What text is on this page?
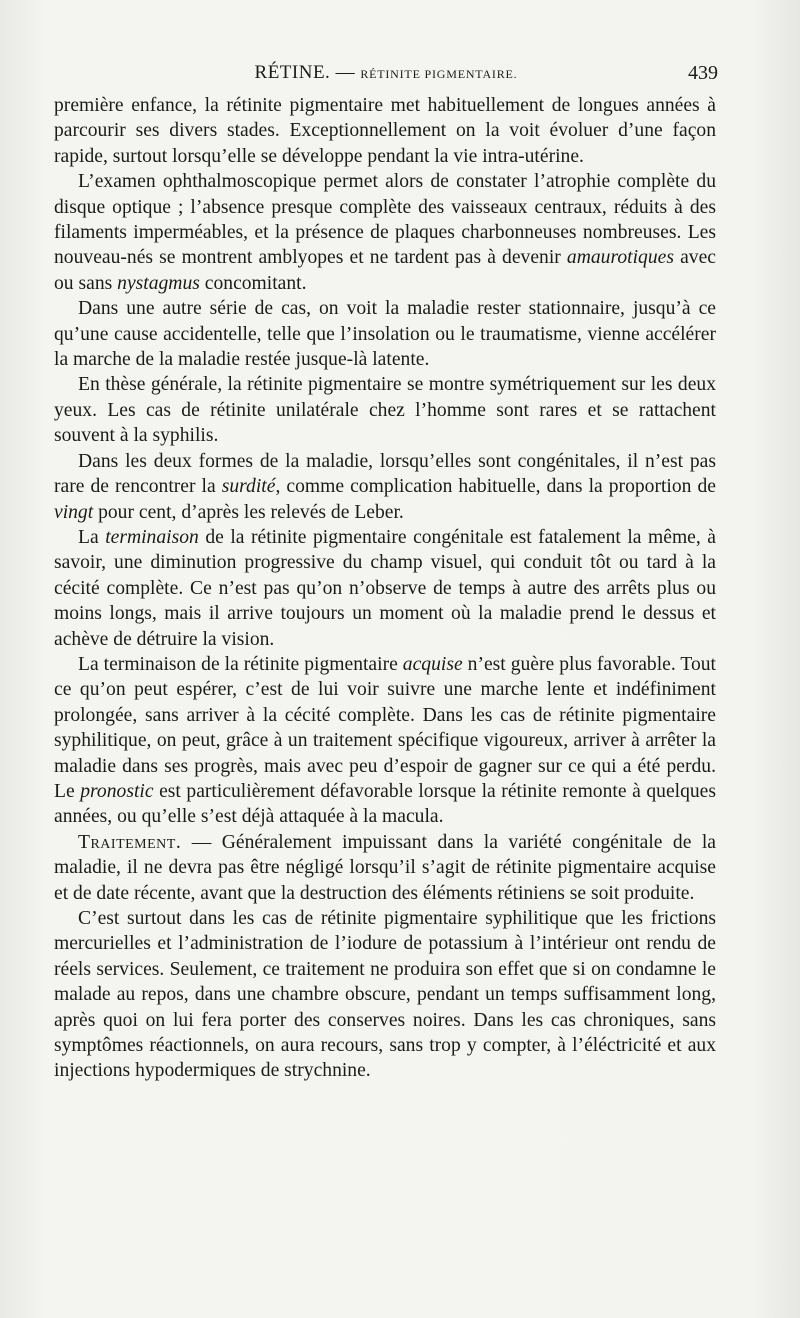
RÉTINE. — RÉTINITE PIGMENTAIRE.	439

première enfance, la rétinite pigmentaire met habituellement de longues années à parcourir ses divers stades. Exceptionnellement on la voit évoluer d’une façon rapide, surtout lorsqu’elle se développe pendant la vie intra-utérine.

L’examen ophthalmoscopique permet alors de constater l’atrophie complète du disque optique ; l’absence presque complète des vaisseaux centraux, réduits à des filaments imperméables, et la présence de plaques charbonneuses nombreuses. Les nouveau-nés se montrent amblyopes et ne tardent pas à devenir amaurotiques avec ou sans nystagmus concomitant.

Dans une autre série de cas, on voit la maladie rester stationnaire, jusqu’à ce qu’une cause accidentelle, telle que l’insolation ou le traumatisme, vienne accélérer la marche de la maladie restée jusque-là latente.

En thèse générale, la rétinite pigmentaire se montre symétriquement sur les deux yeux. Les cas de rétinite unilatérale chez l’homme sont rares et se rattachent souvent à la syphilis.

Dans les deux formes de la maladie, lorsqu’elles sont congénitales, il n’est pas rare de rencontrer la surdité, comme complication habituelle, dans la proportion de vingt pour cent, d’après les relevés de Leber.

La terminaison de la rétinite pigmentaire congénitale est fatalement la même, à savoir, une diminution progressive du champ visuel, qui conduit tôt ou tard à la cécité complète. Ce n’est pas qu’on n’observe de temps à autre des arrêts plus ou moins longs, mais il arrive toujours un moment où la maladie prend le dessus et achève de détruire la vision.

La terminaison de la rétinite pigmentaire acquise n’est guère plus favorable. Tout ce qu’on peut espérer, c’est de lui voir suivre une marche lente et indéfiniment prolongée, sans arriver à la cécité complète. Dans les cas de rétinite pigmentaire syphilitique, on peut, grâce à un traitement spécifique vigoureux, arriver à arrêter la maladie dans ses progrès, mais avec peu d’espoir de gagner sur ce qui a été perdu. Le pronostic est particulièrement défavorable lorsque la rétinite remonte à quelques années, ou qu’elle s’est déjà attaquée à la macula.

Traitement. — Généralement impuissant dans la variété congénitale de la maladie, il ne devra pas être négligé lorsqu’il s’agit de rétinite pigmentaire acquise et de date récente, avant que la destruction des éléments rétiniens se soit produite.

C’est surtout dans les cas de rétinite pigmentaire syphilitique que les frictions mercurielles et l’administration de l’iodure de potassium à l’intérieur ont rendu de réels services. Seulement, ce traitement ne produira son effet que si on condamne le malade au repos, dans une chambre obscure, pendant un temps suffisamment long, après quoi on lui fera porter des conserves noires. Dans les cas chroniques, sans symptômes réactionnels, on aura recours, sans trop y compter, à l’éléctricité et aux injections hypodermiques de strychnine.
